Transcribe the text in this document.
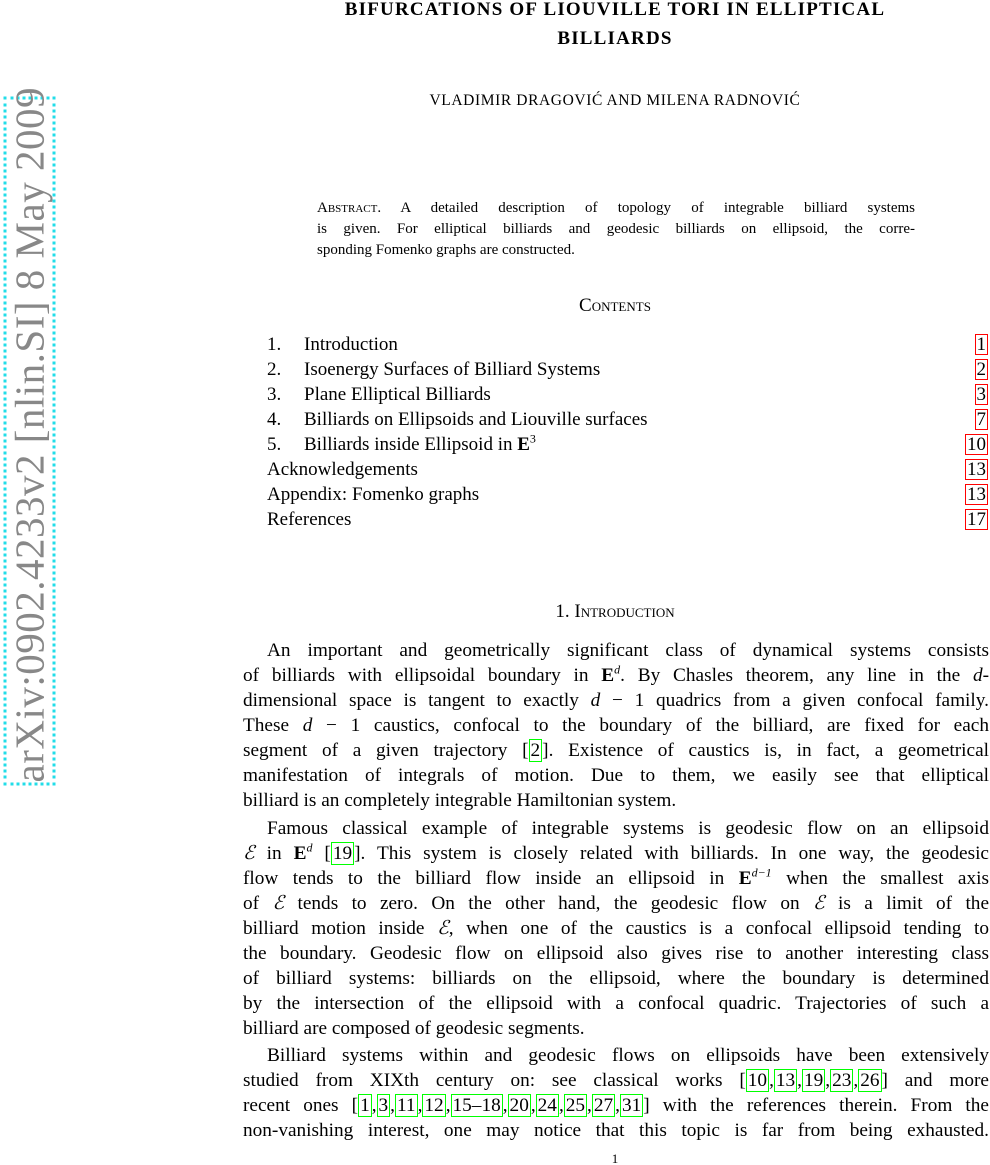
arXiv:0902.4233v2 [nlin.SI] 8 May 2009
BIFURCATIONS OF LIOUVILLE TORI IN ELLIPTICAL
BILLIARDS
VLADIMIR DRAGOVIĆ AND MILENA RADNOVIĆ
Abstract. A detailed description of topology of integrable billiard systems
is given. For elliptical billiards and geodesic billiards on ellipsoid, the corre-
sponding Fomenko graphs are constructed.
Contents
1. Introduction	1
2. Isoenergy Surfaces of Billiard Systems	2
3. Plane Elliptical Billiards	3
4. Billiards on Ellipsoids and Liouville surfaces	7
5. Billiards inside Ellipsoid in $E^3$	10
Acknowledgements	13
Appendix: Fomenko graphs	13
References	17
1. Introduction
An important and geometrically significant class of dynamical systems consists
of billiards with ellipsoidal boundary in $E^d$. By Chasles theorem, any line in the d-
dimensional space is tangent to exactly d − 1 quadrics from a given confocal family.
These d − 1 caustics, confocal to the boundary of the billiard, are fixed for each
segment of a given trajectory [ 2 ]. Existence of caustics is, in fact, a geometrical
manifestation of integrals of motion. Due to them, we easily see that elliptical
billiard is an completely integrable Hamiltonian system.
Famous classical example of integrable systems is geodesic flow on an ellipsoid
ℰ in $E^d$ [ 19 ]. This system is closely related with billiards. In one way, the geodesic
flow tends to the billiard flow inside an ellipsoid in $E^{d-1}$ when the smallest axis
of ℰ tends to zero. On the other hand, the geodesic flow on ℰ is a limit of the
billiard motion inside ℰ, when one of the caustics is a confocal ellipsoid tending to
the boundary. Geodesic flow on ellipsoid also gives rise to another interesting class
of billiard systems: billiards on the ellipsoid, where the boundary is determined
by the intersection of the ellipsoid with a confocal quadric. Trajectories of such a
billiard are composed of geodesic segments.
Billiard systems within and geodesic flows on ellipsoids have been extensively
studied from XIXth century on: see classical works [ 10 , 13 , 19 , 23 , 26 ] and more
recent ones [ 1 , 3 , 11 , 12 , 15–18 , 20 , 24 , 25 , 27 , 31 ] with the references therein. From the
non-vanishing interest, one may notice that this topic is far from being exhausted.
1
